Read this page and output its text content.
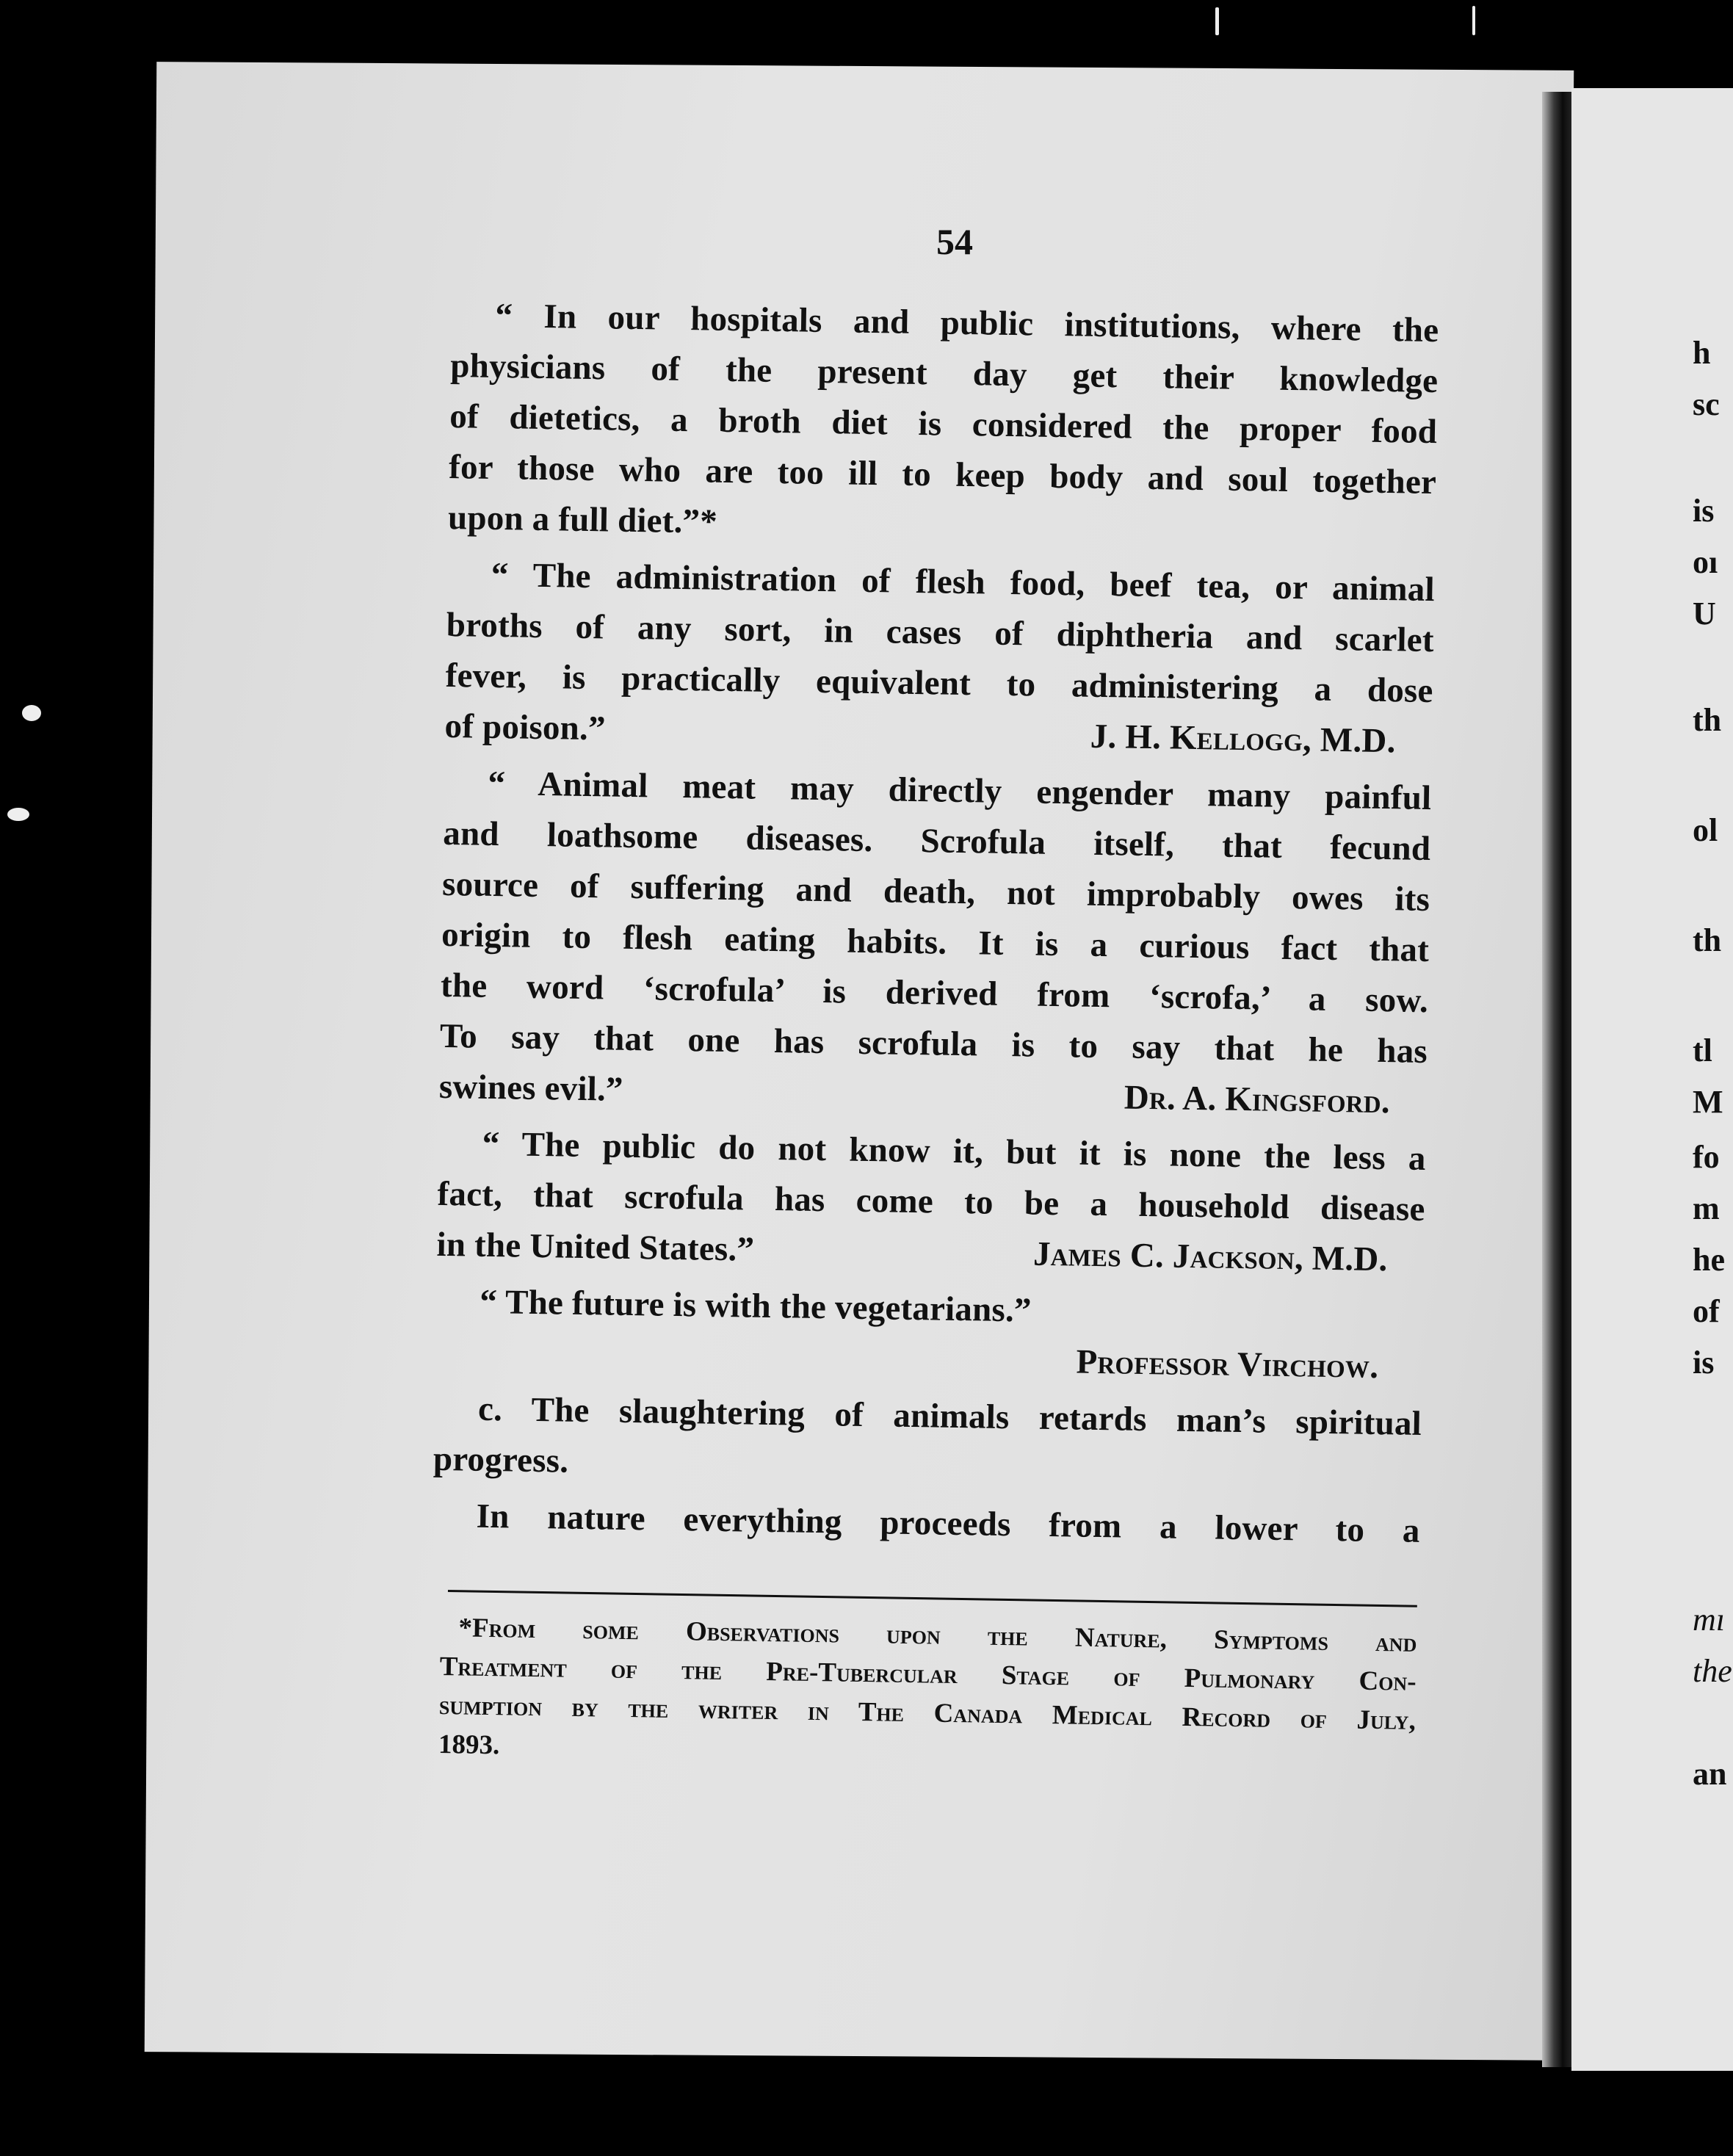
h
sc
is
oı
U
th
ol
th
tl
M
fo
m
he
of
is
mı
the
an
54
“ In our hospitals and public institutions, where the
physicians of the present day get their knowledge
of dietetics, a broth diet is considered the proper food
for those who are too ill to keep body and soul together
upon a full diet.”*
“ The administration of flesh food, beef tea, or animal
broths of any sort, in cases of diphtheria and scarlet
fever, is practically equivalent to administering a dose
of poison.”	J. H. Kellogg, M.D.
“ Animal meat may directly engender many painful
and loathsome diseases. Scrofula itself, that fecund
source of suffering and death, not improbably owes its
origin to flesh eating habits. It is a curious fact that
the word ‘scrofula’ is derived from ‘scrofa,’ a sow.
To say that one has scrofula is to say that he has
swines evil.”	Dr. A. Kingsford.
“ The public do not know it, but it is none the less a
fact, that scrofula has come to be a household disease
in the United States.”	James C. Jackson, M.D.
“ The future is with the vegetarians.”
Professor Virchow.
c. The slaughtering of animals retards man’s spiritual
progress.
In nature everything proceeds from a lower to a
*From some Observations upon the Nature, Symptoms and
Treatment of the Pre-Tubercular Stage of Pulmonary Con-
sumption by the writer in The Canada Medical Record of July,
1893.
